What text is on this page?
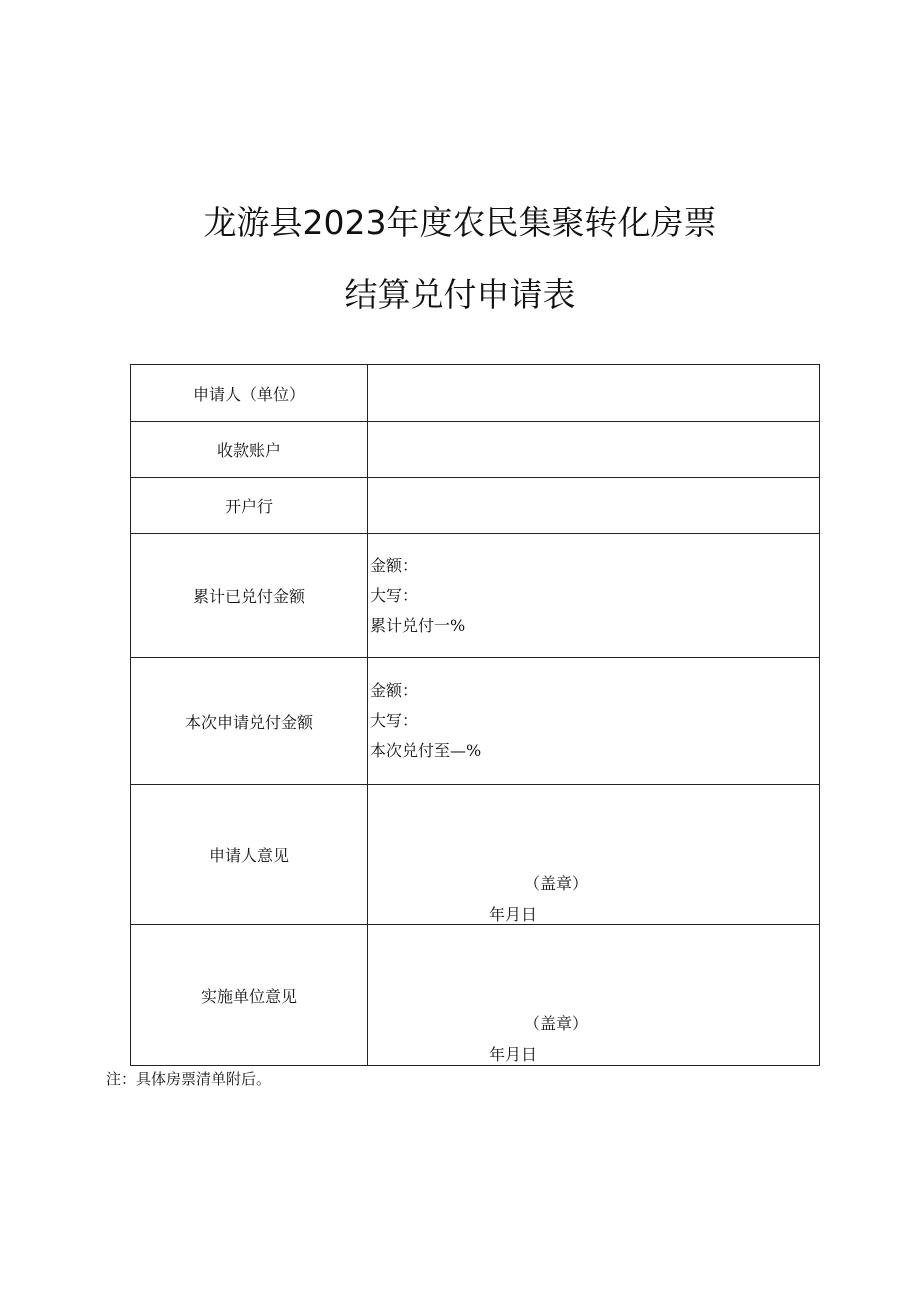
龙游县2023年度农民集聚转化房票
结算兑付申请表
申请人（单位）	
收款账户	
开户行	
累计已兑付金额	金额：
大写：
累计兑付一%

本次申请兑付金额	金额：
大写：
本次兑付至—%

申请人意见	（盖章）
年月日

实施单位意见	（盖章）
年月日
注：具体房票清单附后。
